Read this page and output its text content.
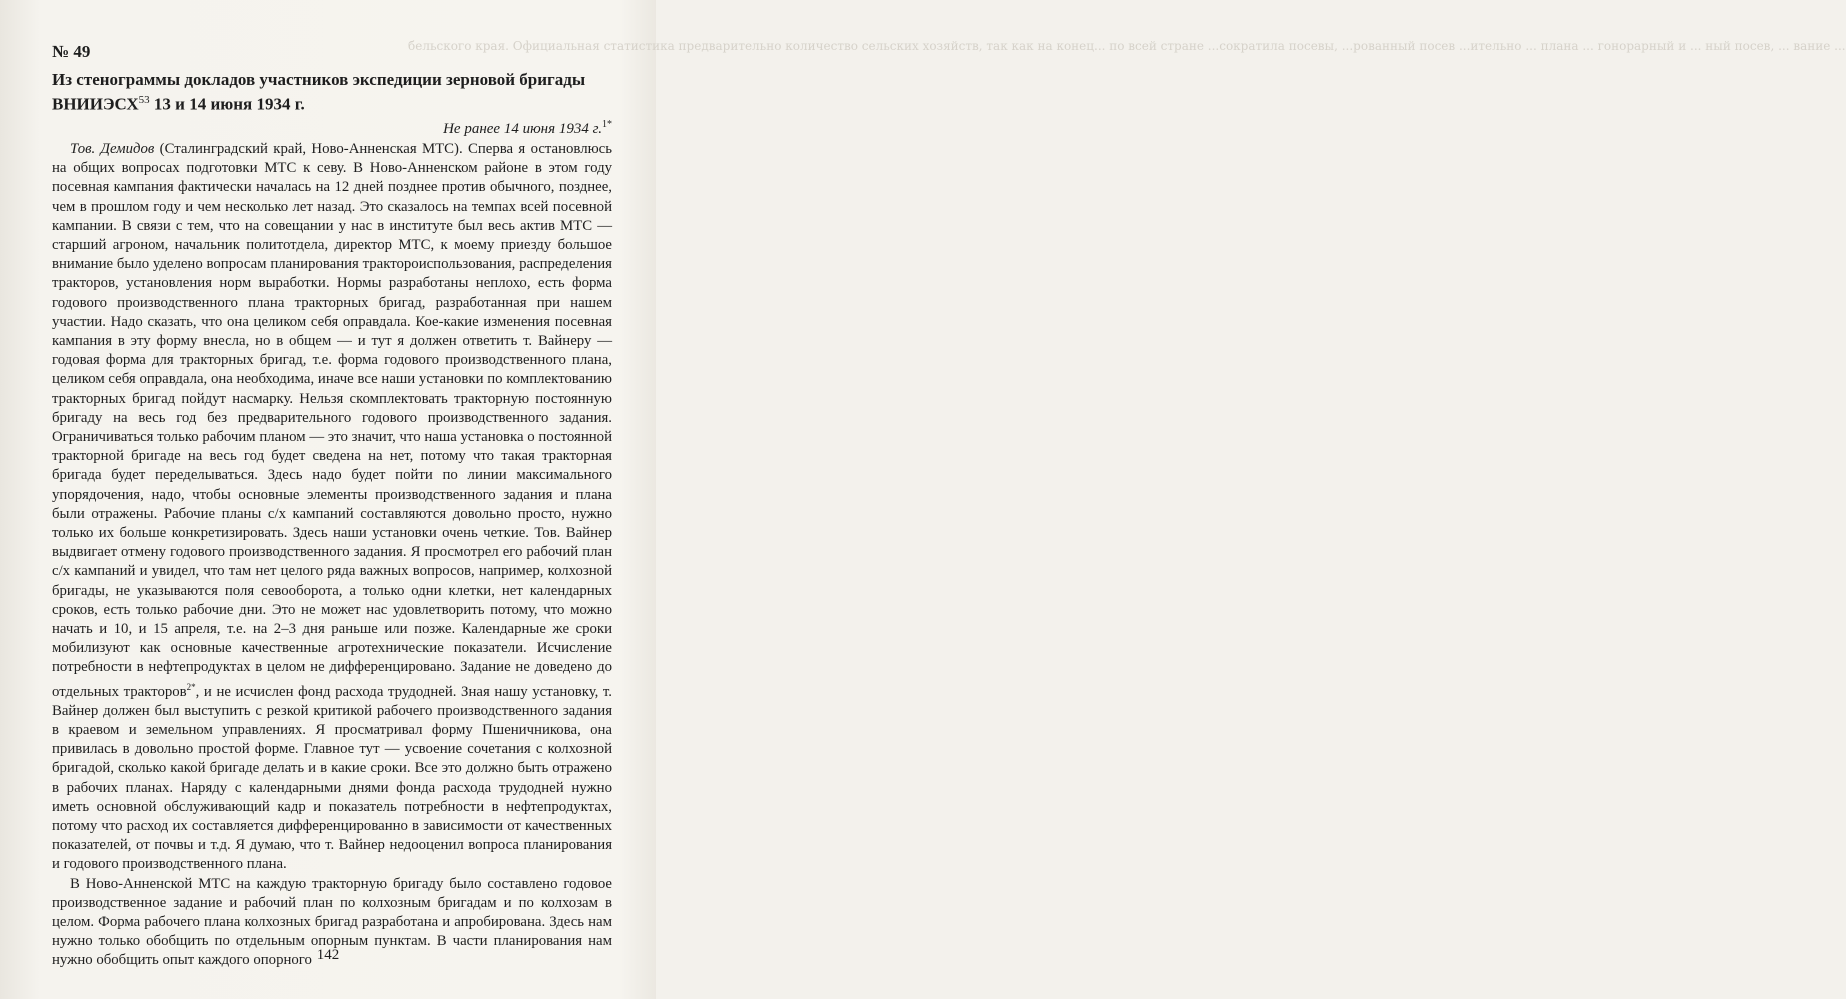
бельского края. Официальная статистика предварительно количество сельских хозяйств, так как на конец... по всей стране ...сократила посевы, ...рованный посев ...ительно ... плана ... гонорарный и ... ный посев, ... вание ...
№ 49
Из стенограммы докладов участников экспедиции зерновой бригады ВНИИЭСХ$^{53}$ 13 и 14 июня 1934 г.
Не ранее 14 июня 1934 г.$^{1*}$

Тов. Демидов (Сталинградский край, Ново-Анненская МТС). Сперва я остановлюсь на общих вопросах подготовки МТС к севу. В Ново-Анненском районе в этом году посевная кампания фактически началась на 12 дней позднее против обычного, позднее, чем в прошлом году и чем несколько лет назад. Это сказалось на темпах всей посевной кампании. В связи с тем, что на совещании у нас в институте был весь актив МТС — старший агроном, начальник политотдела, директор МТС, к моему приезду большое внимание было уделено вопросам планирования трактороиспользования, распределения тракторов, установления норм выработки. Нормы разработаны неплохо, есть форма годового производственного плана тракторных бригад, разработанная при нашем участии. Надо сказать, что она целиком себя оправдала. Кое-какие изменения посевная кампания в эту форму внесла, но в общем — и тут я должен ответить т. Вайнеру — годовая форма для тракторных бригад, т.е. форма годового производственного плана, целиком себя оправдала, она необходима, иначе все наши установки по комплектованию тракторных бригад пойдут насмарку. Нельзя скомплектовать тракторную постоянную бригаду на весь год без предварительного годового производственного задания. Ограничиваться только рабочим планом — это значит, что наша установка о постоянной тракторной бригаде на весь год будет сведена на нет, потому что такая тракторная бригада будет переделываться. Здесь надо будет пойти по линии максимального упорядочения, надо, чтобы основные элементы производственного задания и плана были отражены. Рабочие планы с/х кампаний составляются довольно просто, нужно только их больше конкретизировать. Здесь наши установки очень четкие. Тов. Вайнер выдвигает отмену годового производственного задания. Я просмотрел его рабочий план с/х кампаний и увидел, что там нет целого ряда важных вопросов, например, колхозной бригады, не указываются поля севооборота, а только одни клетки, нет календарных сроков, есть только рабочие дни. Это не может нас удовлетворить потому, что можно начать и 10, и 15 апреля, т.е. на 2–3 дня раньше или позже. Календарные же сроки мобилизуют как основные качественные агротехнические показатели. Исчисление потребности в нефтепродуктах в целом не дифференцировано. Задание не доведено до отдельных тракторов$^{2*}$, и не исчислен фонд расхода трудодней. Зная нашу установку, т. Вайнер должен был выступить с резкой критикой рабочего производственного задания в краевом и земельном управлениях. Я просматривал форму Пшеничникова, она привилась в довольно простой форме. Главное тут — усвоение сочетания с колхозной бригадой, сколько какой бригаде делать и в какие сроки. Все это должно быть отражено в рабочих планах. Наряду с календарными днями фонда расхода трудодней нужно иметь основной обслуживающий кадр и показатель потребности в нефтепродуктах, потому что расход их составляется дифференцированно в зависимости от качественных показателей, от почвы и т.д. Я думаю, что т. Вайнер недооценил вопроса планирования и годового производственного плана.

В Ново-Анненской МТС на каждую тракторную бригаду было составлено годовое производственное задание и рабочий план по колхозным бригадам и по колхозам в целом. Форма рабочего плана колхозных бригад разработана и апробирована. Здесь нам нужно только обобщить по отдельным опорным пунктам. В части планирования нам нужно обобщить опыт каждого опорного 142
